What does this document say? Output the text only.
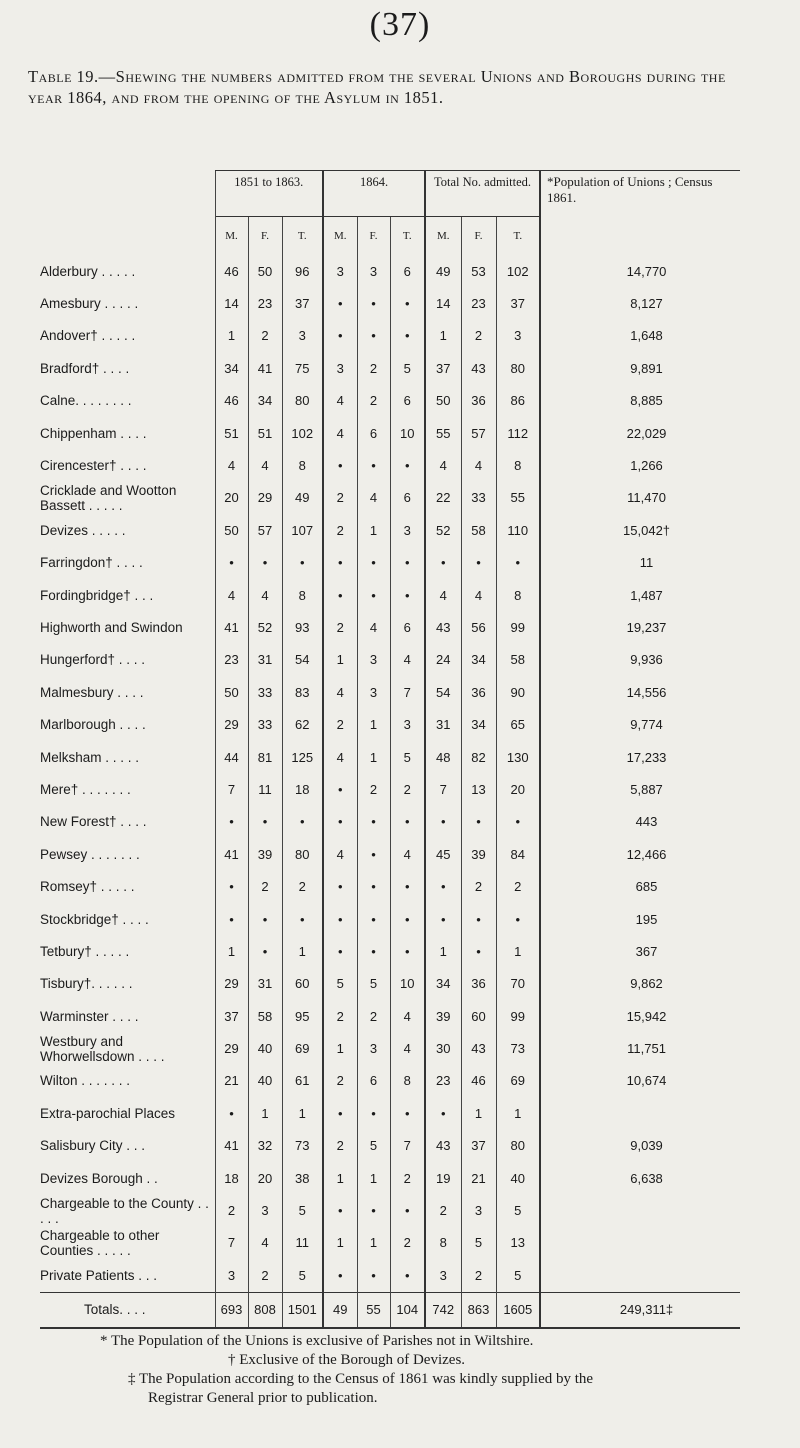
(37)
Table 19.—Shewing the numbers admitted from the several Unions and Boroughs during the year 1864, and from the opening of the Asylum in 1851.
	1851 to 1863.			1864.			Total No. admitted.			*Population of Unions ; Census 1861.
	M.	F.	T.	M.	F.	T.	M.	F.	T.	
Alderbury . . . . .	46	50	96	3	3	6	49	53	102	14,770
Amesbury . . . . .	14	23	37	•	•	•	14	23	37	8,127
Andover† . . . . .	1	2	3	•	•	•	1	2	3	1,648
Bradford† . . . .	34	41	75	3	2	5	37	43	80	9,891
Calne. . . . . . . .	46	34	80	4	2	6	50	36	86	8,885
Chippenham . . . .	51	51	102	4	6	10	55	57	112	22,029
Cirencester† . . . .	4	4	8	•	•	•	4	4	8	1,266
Cricklade and Wootton Bassett . . . . .	20	29	49	2	4	6	22	33	55	11,470
Devizes . . . . .	50	57	107	2	1	3	52	58	110	15,042†
Farringdon† . . . .	•	•	•	•	•	•	•	•	•	11
Fordingbridge† . . .	4	4	8	•	•	•	4	4	8	1,487
Highworth and Swindon	41	52	93	2	4	6	43	56	99	19,237
Hungerford† . . . .	23	31	54	1	3	4	24	34	58	9,936
Malmesbury . . . .	50	33	83	4	3	7	54	36	90	14,556
Marlborough . . . .	29	33	62	2	1	3	31	34	65	9,774
Melksham . . . . .	44	81	125	4	1	5	48	82	130	17,233
Mere† . . . . . . .	7	11	18	•	2	2	7	13	20	5,887
New Forest† . . . .	•	•	•	•	•	•	•	•	•	443
Pewsey . . . . . . .	41	39	80	4	•	4	45	39	84	12,466
Romsey† . . . . .	•	2	2	•	•	•	•	2	2	685
Stockbridge† . . . .	•	•	•	•	•	•	•	•	•	195
Tetbury† . . . . .	1	•	1	•	•	•	1	•	1	367
Tisbury†. . . . . .	29	31	60	5	5	10	34	36	70	9,862
Warminster . . . .	37	58	95	2	2	4	39	60	99	15,942
Westbury and Whorwellsdown . . . .	29	40	69	1	3	4	30	43	73	11,751
Wilton . . . . . . .	21	40	61	2	6	8	23	46	69	10,674
Extra-parochial Places	•	1	1	•	•	•	•	1	1	
Salisbury City . . .	41	32	73	2	5	7	43	37	80	9,039
Devizes Borough . .	18	20	38	1	1	2	19	21	40	6,638
Chargeable to the County . . . . .	2	3	5	•	•	•	2	3	5	
Chargeable to other Counties . . . . .	7	4	11	1	1	2	8	5	13	
Private Patients . . .	3	2	5	•	•	•	3	2	5	
Totals. . . .	693	808	1501	49	55	104	742	863	1605	249,311‡
* The Population of the Unions is exclusive of Parishes not in Wiltshire.
† Exclusive of the Borough of Devizes.
‡ The Population according to the Census of 1861 was kindly supplied by the
Registrar General prior to publication.
